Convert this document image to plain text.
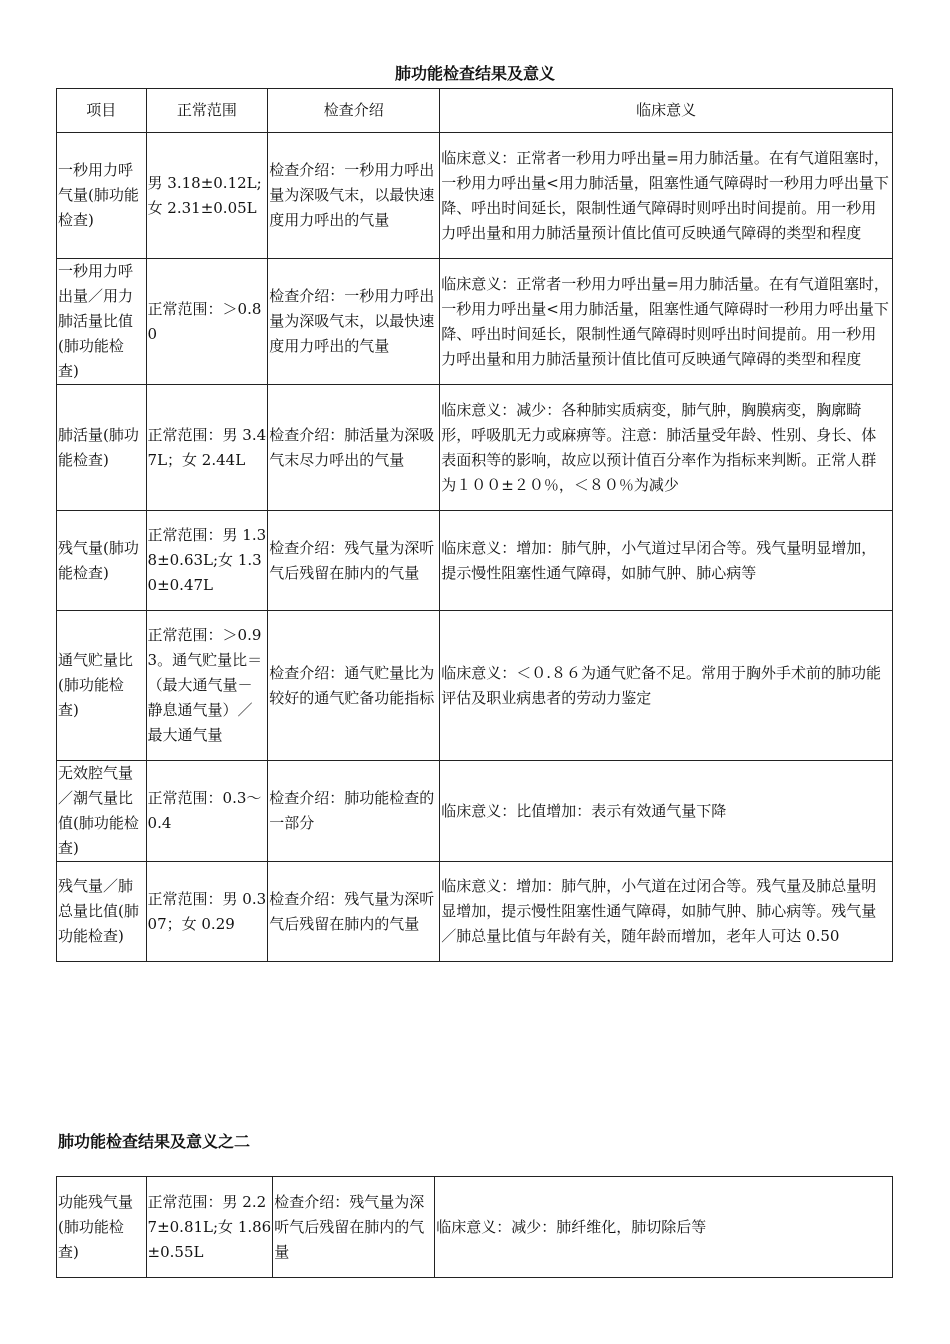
肺功能检查结果及意义
项目	正常范围	检查介绍	临床意义
一秒用力呼气量(肺功能检查)	男 3.18±0.12L;女 2.31±0.05L	检查介绍：一秒用力呼出量为深吸气末，以最快速度用力呼出的气量	临床意义：正常者一秒用力呼出量=用力肺活量。在有气道阻塞时，一秒用力呼出量<用力肺活量，阻塞性通气障碍时一秒用力呼出量下降、呼出时间延长，限制性通气障碍时则呼出时间提前。用一秒用力呼出量和用力肺活量预计值比值可反映通气障碍的类型和程度
一秒用力呼出量／用力肺活量比值(肺功能检查)	正常范围：＞0.80	检查介绍：一秒用力呼出量为深吸气末，以最快速度用力呼出的气量	临床意义：正常者一秒用力呼出量=用力肺活量。在有气道阻塞时，一秒用力呼出量<用力肺活量，阻塞性通气障碍时一秒用力呼出量下降、呼出时间延长，限制性通气障碍时则呼出时间提前。用一秒用力呼出量和用力肺活量预计值比值可反映通气障碍的类型和程度
肺活量(肺功能检查)	正常范围：男 3.47L；女 2.44L	检查介绍：肺活量为深吸气末尽力呼出的气量	临床意义：减少：各种肺实质病变，肺气肿，胸膜病变，胸廓畸形，呼吸肌无力或麻痹等。注意：肺活量受年龄、性别、身长、体表面积等的影响，故应以预计值百分率作为指标来判断。正常人群为１００±２０％，＜８０％为减少
残气量(肺功能检查)	正常范围：男 1.38±0.63L;女 1.30±0.47L	检查介绍：残气量为深听气后残留在肺内的气量	临床意义：增加：肺气肿，小气道过早闭合等。残气量明显增加，提示慢性阻塞性通气障碍，如肺气肿、肺心病等
通气贮量比(肺功能检查)	正常范围：＞0.93。通气贮量比＝（最大通气量－静息通气量）／最大通气量	检查介绍：通气贮量比为较好的通气贮备功能指标	临床意义：＜０.８６为通气贮备不足。常用于胸外手术前的肺功能评估及职业病患者的劳动力鉴定
无效腔气量／潮气量比值(肺功能检查)	正常范围：0.3～0.4	检查介绍：肺功能检查的一部分	临床意义：比值增加：表示有效通气量下降
残气量／肺总量比值(肺功能检查)	正常范围：男 0.307；女 0.29	检查介绍：残气量为深听气后残留在肺内的气量	临床意义：增加：肺气肿，小气道在过闭合等。残气量及肺总量明显增加，提示慢性阻塞性通气障碍，如肺气肿、肺心病等。残气量／肺总量比值与年龄有关，随年龄而增加，老年人可达 0.50
肺功能检查结果及意义之二
功能残气量(肺功能检查)	正常范围：男 2.27±0.81L;女 1.86±0.55L	检查介绍：残气量为深听气后残留在肺内的气量	临床意义：减少：肺纤维化，肺切除后等
